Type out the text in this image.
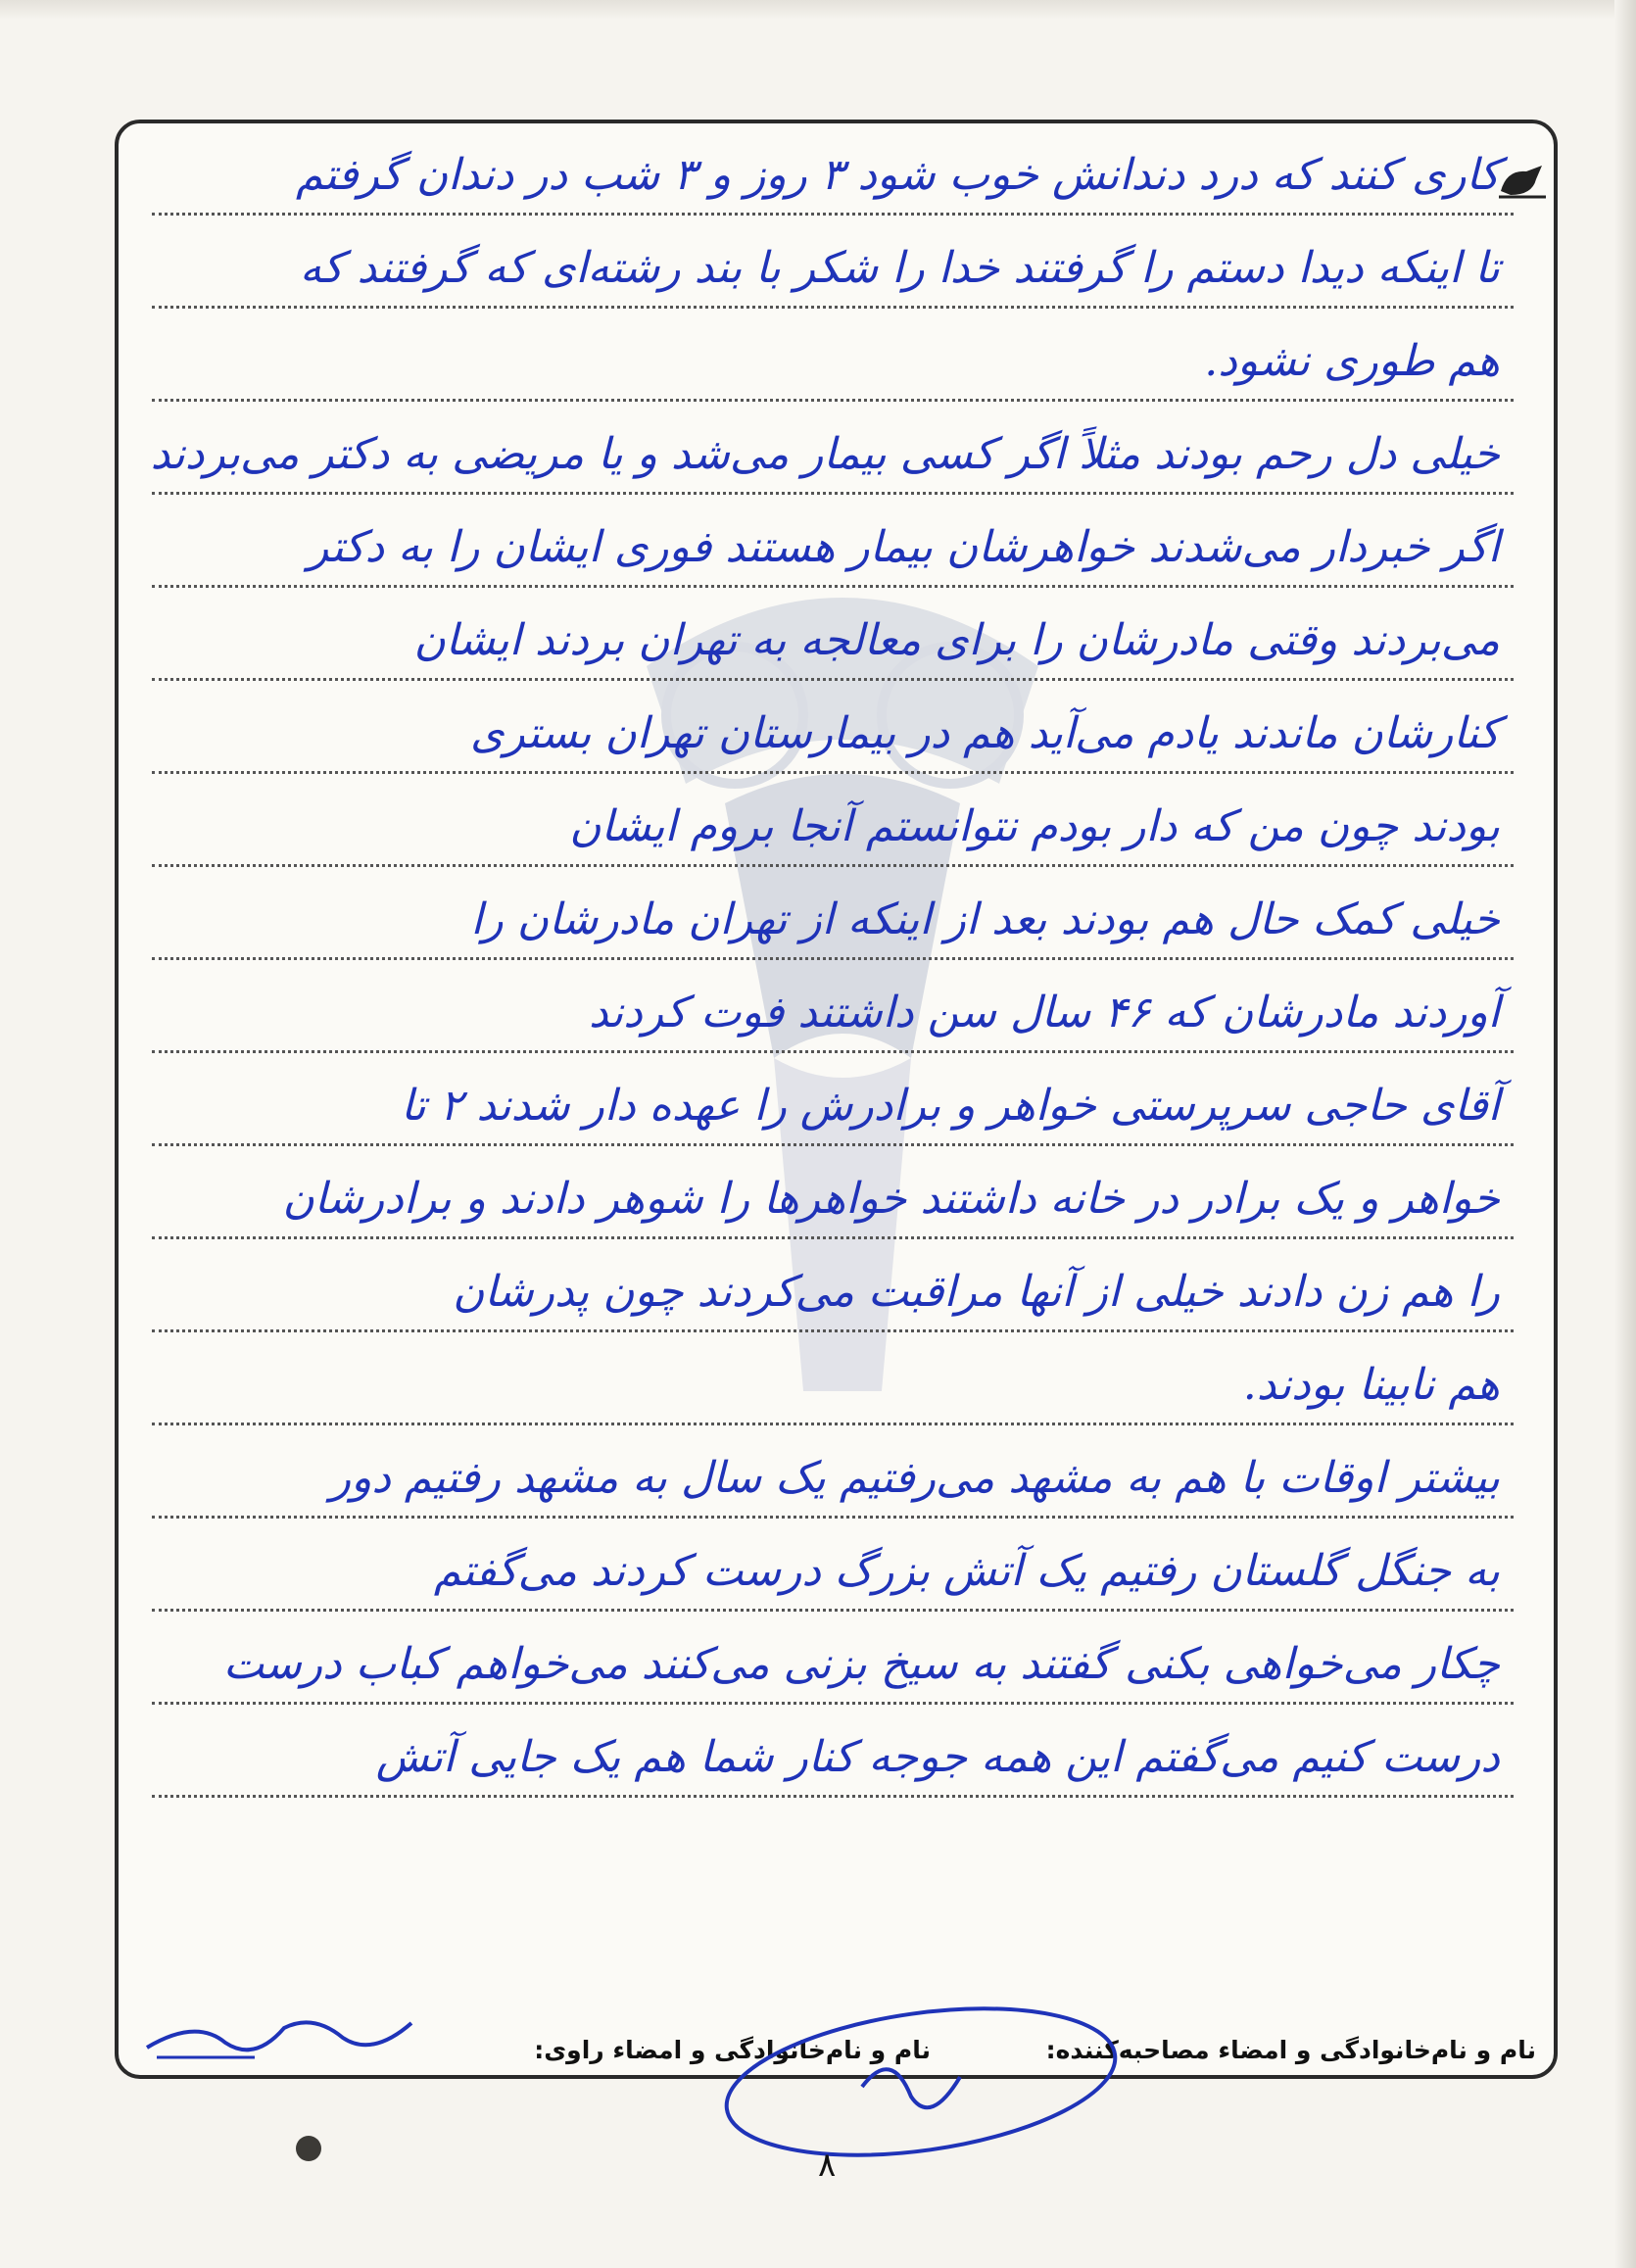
کاری کنند که درد دندانش خوب شود ۳ روز و ۳ شب در دندان گرفتم
تا اینکه دیدا دستم را گرفتند خدا را شکر با بند رشته‌ای که گرفتند که
هم طوری نشود.
خیلی دل رحم بودند مثلاً اگر کسی بیمار می‌شد و یا مریضی به دکتر می‌بردند
اگر خبردار می‌شدند خواهرشان بیمار هستند فوری ایشان را به دکتر
می‌بردند وقتی مادرشان را برای معالجه به تهران بردند ایشان
کنارشان ماندند یادم می‌آید هم در بیمارستان تهران بستری
بودند چون من که دار بودم نتوانستم آنجا بروم ایشان
خیلی کمک حال هم بودند بعد از اینکه از تهران مادرشان را
آوردند مادرشان که ۴۶ سال سن داشتند فوت کردند
آقای حاجی سرپرستی خواهر و برادرش را عهده دار شدند ۲ تا
خواهر و یک برادر در خانه داشتند خواهرها را شوهر دادند و برادرشان
را هم زن دادند خیلی از آنها مراقبت می‌کردند چون پدرشان
هم نابینا بودند.
بیشتر اوقات با هم به مشهد می‌رفتیم یک سال به مشهد رفتیم دور
به جنگل گلستان رفتیم یک آتش بزرگ درست کردند می‌گفتم
چکار می‌خواهی بکنی گفتند به سیخ بزنی می‌کنند می‌خواهم کباب درست
درست کنیم می‌گفتم این همه جوجه کنار شما هم یک جایی آتش
نام و نام‌خانوادگی و امضاء مصاحبه‌کننده:
نام و نام‌خانوادگی و امضاء راوی:
۸
